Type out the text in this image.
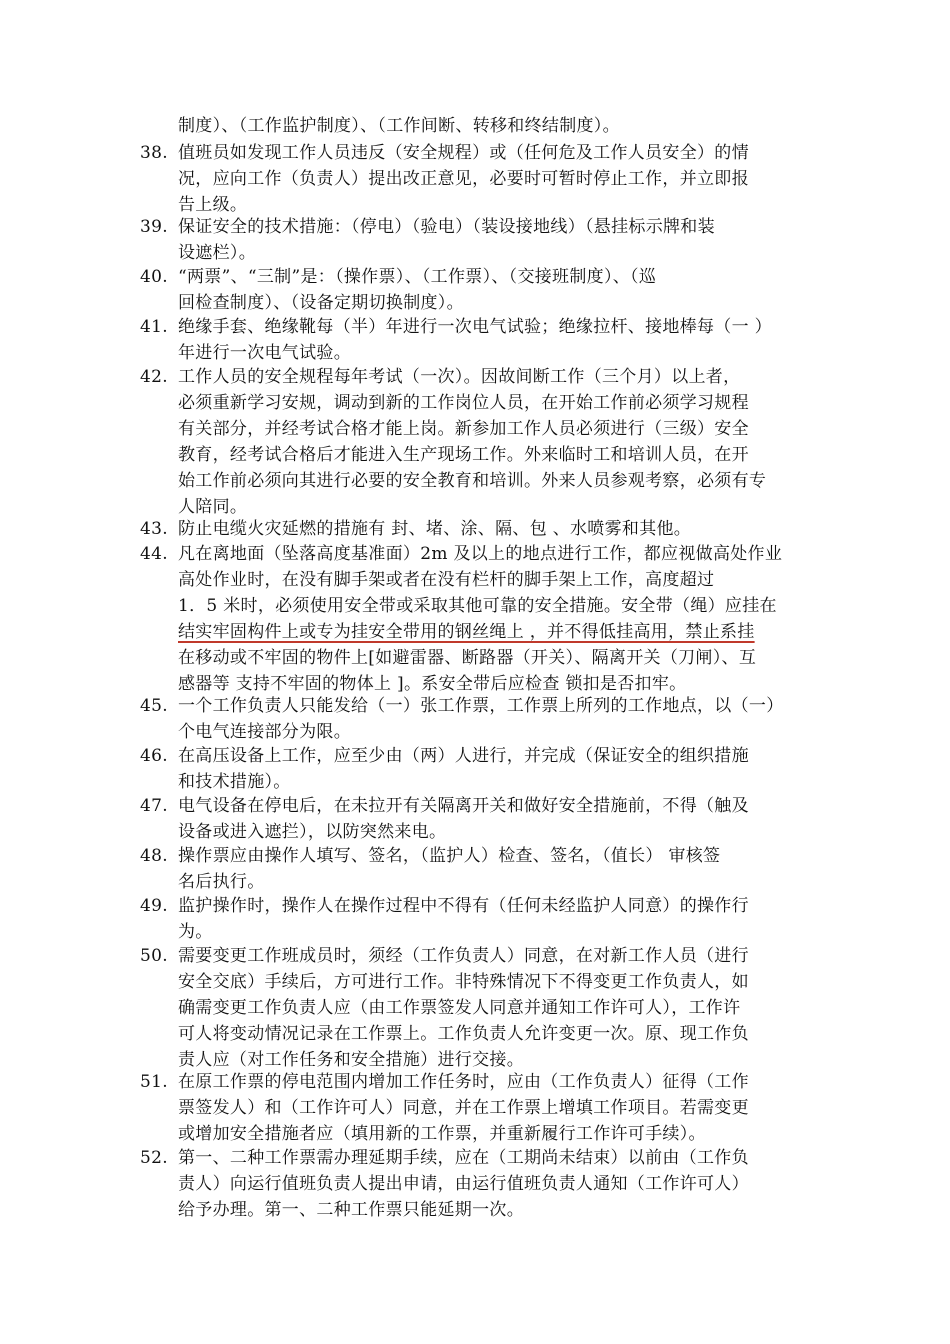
制度）、（工作监护制度）、（工作间断、转移和终结制度）。
38. 值班员如发现工作人员违反（安全规程）或（任何危及工作人员安全）的情
况，应向工作（负责人）提出改正意见，必要时可暂时停止工作，并立即报
告上级。
39. 保证安全的技术措施：（停电）（验电）（装设接地线）（悬挂标示牌和装
设遮栏）。
40. “两票”、“三制”是：（操作票）、（工作票）、（交接班制度）、（巡
回检查制度）、（设备定期切换制度）。
41. 绝缘手套、绝缘靴每（半）年进行一次电气试验；绝缘拉杆、接地棒每（一 ）
年进行一次电气试验。
42. 工作人员的安全规程每年考试（一次）。因故间断工作（三个月）以上者，
必须重新学习安规，调动到新的工作岗位人员，在开始工作前必须学习规程
有关部分，并经考试合格才能上岗。新参加工作人员必须进行（三级）安全
教育，经考试合格后才能进入生产现场工作。外来临时工和培训人员，在开
始工作前必须向其进行必要的安全教育和培训。外来人员参观考察，必须有专
人陪同。
43. 防止电缆火灾延燃的措施有 封、堵、涂、隔、包 、水喷雾和其他。
44. 凡在离地面（坠落高度基准面）2m 及以上的地点进行工作，都应视做高处作业
高处作业时，在没有脚手架或者在没有栏杆的脚手架上工作，高度超过
1．5 米时，必须使用安全带或采取其他可靠的安全措施。安全带（绳）应挂在
结实牢固构件上或专为挂安全带用的钢丝绳上 ，并不得低挂高用，禁止系挂
在移动或不牢固的物件上[如避雷器、断路器（开关）、隔离开关（刀闸）、互
感器等 支持不牢固的物体上 ]。系安全带后应检查 锁扣是否扣牢。
45. 一个工作负责人只能发给（一）张工作票，工作票上所列的工作地点，以（一）
个电气连接部分为限。
46. 在高压设备上工作，应至少由（两）人进行，并完成（保证安全的组织措施
和技术措施）。
47. 电气设备在停电后，在未拉开有关隔离开关和做好安全措施前，不得（触及
设备或进入遮拦），以防突然来电。
48. 操作票应由操作人填写、签名，（监护人）检查、签名，（值长） 审核签
名后执行。
49. 监护操作时，操作人在操作过程中不得有（任何未经监护人同意）的操作行
为。
50. 需要变更工作班成员时，须经（工作负责人）同意，在对新工作人员（进行
安全交底）手续后，方可进行工作。非特殊情况下不得变更工作负责人，如
确需变更工作负责人应（由工作票签发人同意并通知工作许可人），工作许
可人将变动情况记录在工作票上。工作负责人允许变更一次。原、现工作负
责人应（对工作任务和安全措施）进行交接。
51. 在原工作票的停电范围内增加工作任务时，应由（工作负责人）征得（工作
票签发人）和（工作许可人）同意，并在工作票上增填工作项目。若需变更
或增加安全措施者应（填用新的工作票，并重新履行工作许可手续）。
52. 第一、二种工作票需办理延期手续，应在（工期尚未结束）以前由（工作负
责人）向运行值班负责人提出申请，由运行值班负责人通知（工作许可人）
给予办理。第一、二种工作票只能延期一次。
